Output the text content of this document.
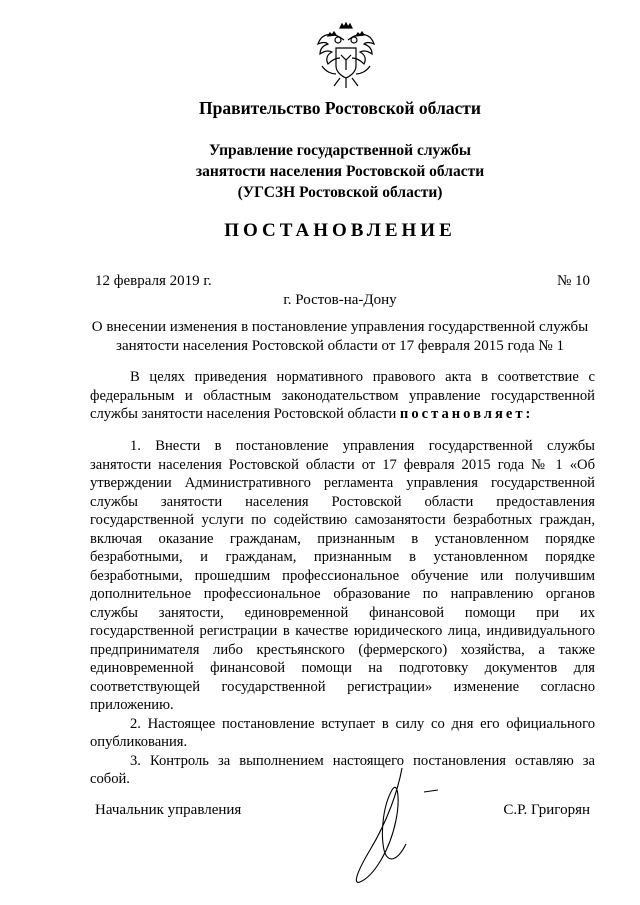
Правительство Ростовской области
Управление государственной службы
занятости населения Ростовской области
(УГСЗН Ростовской области)
ПОСТАНОВЛЕНИЕ
12 февраля 2019 г.	№ 10
г. Ростов-на-Дону
О внесении изменения в постановление управления государственной службы
занятости населения Ростовской области от 17 февраля 2015 года № 1

В целях приведения нормативного правового акта в соответствие с федеральным и областным законодательством управление государственной службы занятости населения Ростовской области постановляет:

1. Внести в постановление управления государственной службы занятости населения Ростовской области от 17 февраля 2015 года № 1 «Об утверждении Административного регламента управления государственной службы занятости населения Ростовской области предоставления государственной услуги по содействию самозанятости безработных граждан, включая оказание гражданам, признанным в установленном порядке безработными, и гражданам, признанным в установленном порядке безработными, прошедшим профессиональное обучение или получившим дополнительное профессиональное образование по направлению органов службы занятости, единовременной финансовой помощи при их государственной регистрации в качестве юридического лица, индивидуального предпринимателя либо крестьянского (фермерского) хозяйства, а также единовременной финансовой помощи на подготовку документов для соответствующей государственной регистрации» изменение согласно приложению.

2. Настоящее постановление вступает в силу со дня его официального опубликования.

3. Контроль за выполнением настоящего постановления оставляю за собой.

Начальник управления	С.Р. Григорян
